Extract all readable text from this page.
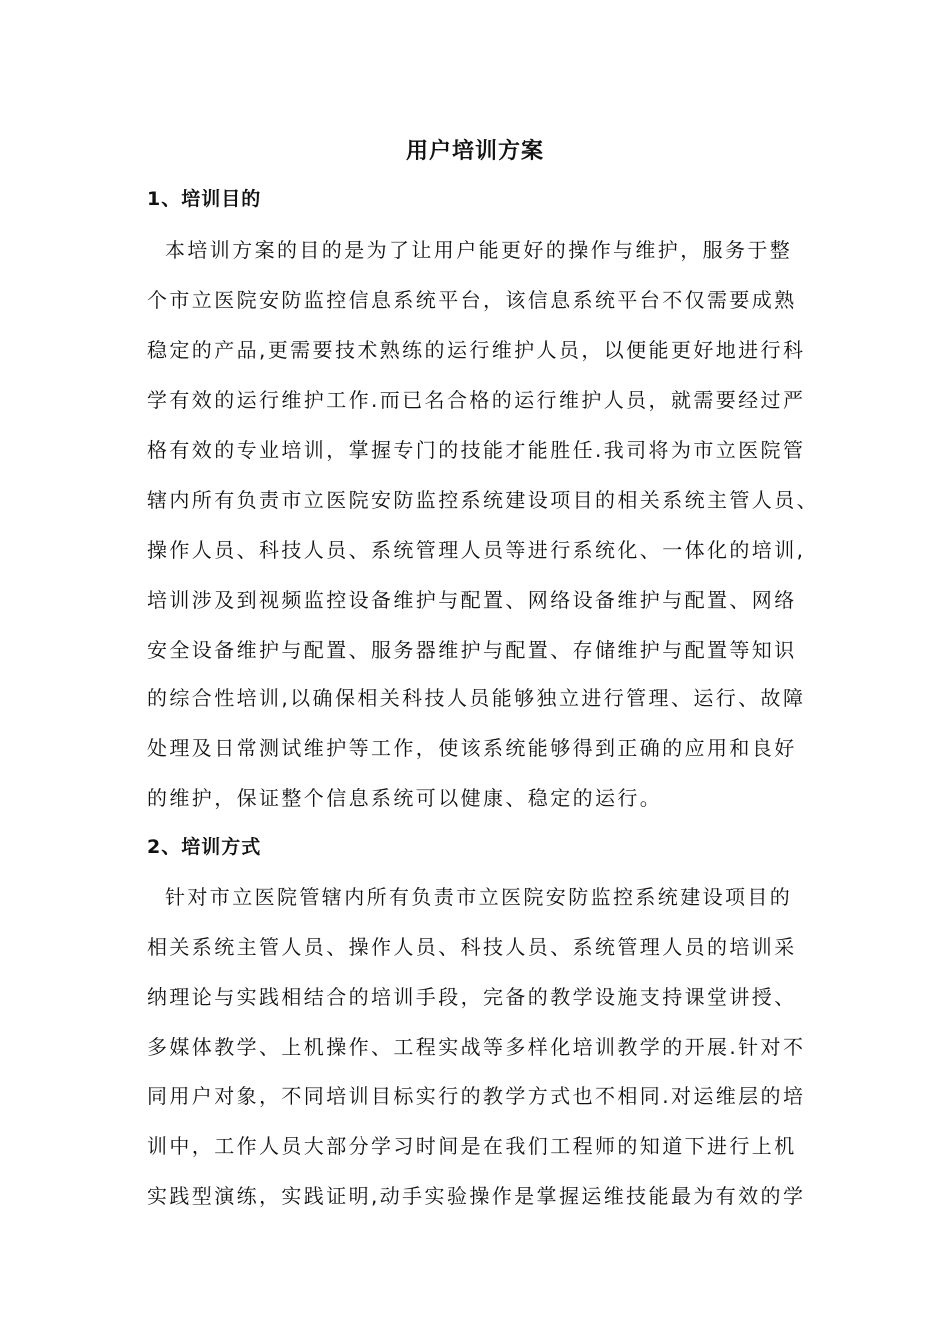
用户培训方案
1、培训目的
本培训方案的目的是为了让用户能更好的操作与维护，服务于整
个市立医院安防监控信息系统平台，该信息系统平台不仅需要成熟
稳定的产品,更需要技术熟练的运行维护人员，以便能更好地进行科
学有效的运行维护工作.而已名合格的运行维护人员，就需要经过严
格有效的专业培训，掌握专门的技能才能胜任.我司将为市立医院管
辖内所有负责市立医院安防监控系统建设项目的相关系统主管人员、
操作人员、科技人员、系统管理人员等进行系统化、一体化的培训,
培训涉及到视频监控设备维护与配置、网络设备维护与配置、网络
安全设备维护与配置、服务器维护与配置、存储维护与配置等知识
的综合性培训,以确保相关科技人员能够独立进行管理、运行、故障
处理及日常测试维护等工作，使该系统能够得到正确的应用和良好
的维护，保证整个信息系统可以健康、稳定的运行。
2、培训方式
针对市立医院管辖内所有负责市立医院安防监控系统建设项目的
相关系统主管人员、操作人员、科技人员、系统管理人员的培训采
纳理论与实践相结合的培训手段，完备的教学设施支持课堂讲授、
多媒体教学、上机操作、工程实战等多样化培训教学的开展.针对不
同用户对象，不同培训目标实行的教学方式也不相同.对运维层的培
训中，工作人员大部分学习时间是在我们工程师的知道下进行上机
实践型演练，实践证明,动手实验操作是掌握运维技能最为有效的学
